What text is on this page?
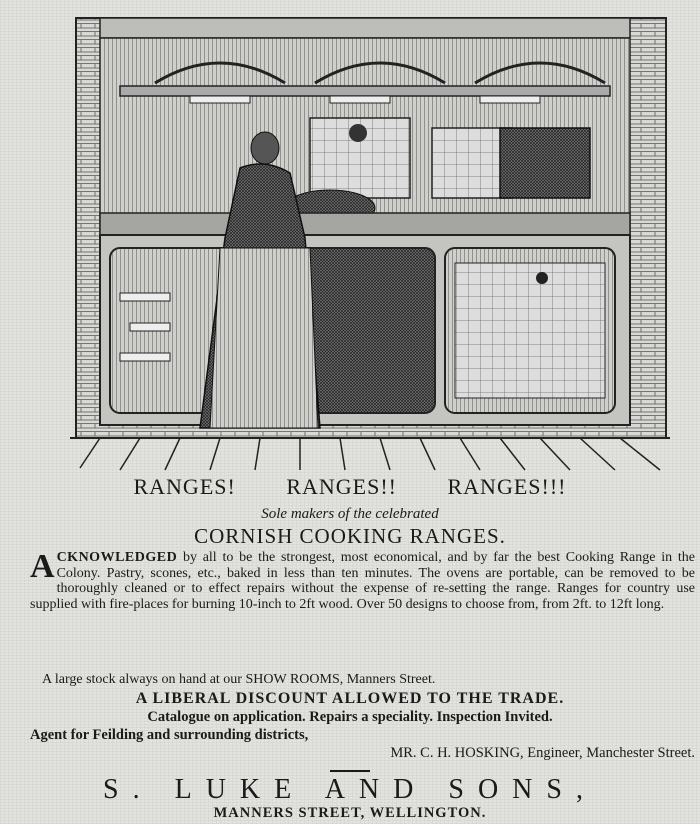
RANGES! RANGES!! RANGES!!!
Sole makers of the celebrated
CORNISH COOKING RANGES.
ACKNOWLEDGED by all to be the strongest, most economical, and by far the best Cooking Range in the Colony. Pastry, scones, etc., baked in less than ten minutes. The ovens are portable, can be removed to be thoroughly cleaned or to effect repairs without the expense of re-setting the range. Ranges for country use supplied with fire-places for burning 10-inch to 2ft wood. Over 50 designs to choose from, from 2ft. to 12ft long.
A large stock always on hand at our SHOW ROOMS, Manners Street.
A LIBERAL DISCOUNT ALLOWED TO THE TRADE.
Catalogue on application. Repairs a speciality. Inspection Invited.
Agent for Feilding and surrounding districts,
MR. C. H. HOSKING, Engineer, Manchester Street.
S. LUKE AND SONS,
MANNERS STREET, WELLINGTON.
